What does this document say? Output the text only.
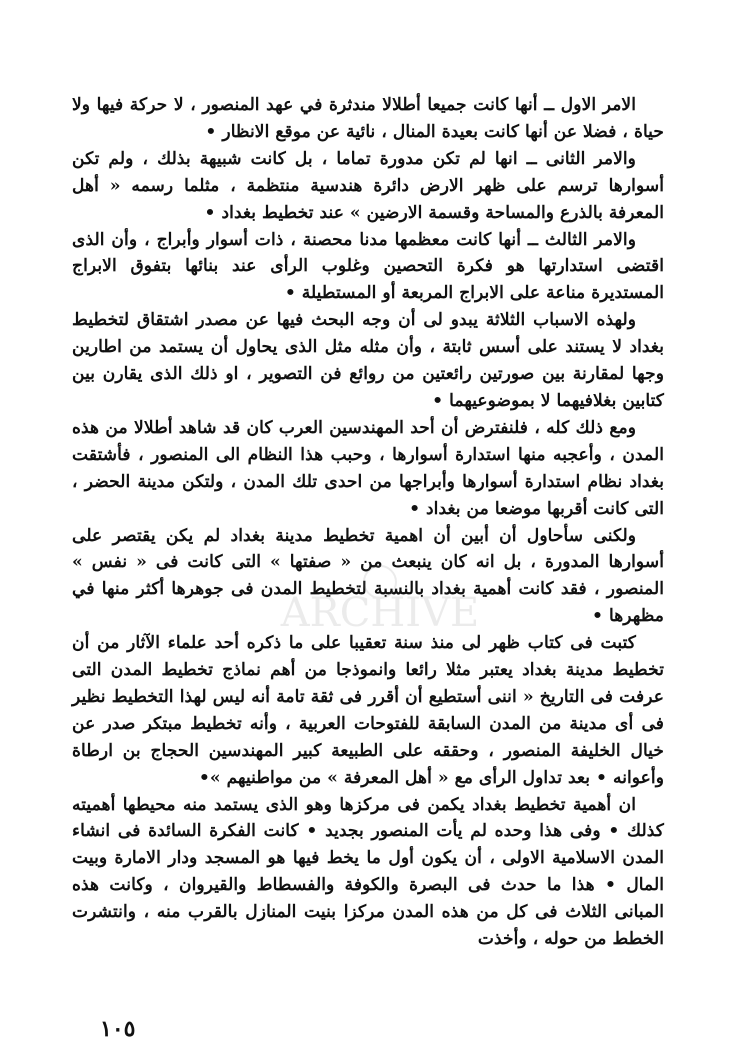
الامر الاول ــ أنها كانت جميعا أطلالا مندثرة في عهد المنصور ، لا حركة فيها ولا حياة ، فضلا عن أنها كانت بعيدة المنال ، نائية عن موقع الانظار •

والامر الثانى ــ انها لم تكن مدورة تماما ، بل كانت شبيهة بذلك ، ولم تكن أسوارها ترسم على ظهر الارض دائرة هندسية منتظمة ، مثلما رسمه « أهل المعرفة بالذرع والمساحة وقسمة الارضين » عند تخطيط بغداد •

والامر الثالث ــ أنها كانت معظمها مدنا محصنة ، ذات أسوار وأبراج ، وأن الذى اقتضى استدارتها هو فكرة التحصين وغلوب الرأى عند بنائها بتفوق الابراج المستديرة مناعة على الابراج المربعة أو المستطيلة •

ولهذه الاسباب الثلاثة يبدو لى أن وجه البحث فيها عن مصدر اشتقاق لتخطيط بغداد لا يستند على أسس ثابتة ، وأن مثله مثل الذى يحاول أن يستمد من اطارين وجها لمقارنة بين صورتين رائعتين من روائع فن التصوير ، او ذلك الذى يقارن بين كتابين بغلافيهما لا بموضوعيهما •

ومع ذلك كله ، فلنفترض أن أحد المهندسين العرب كان قد شاهد أطلالا من هذه المدن ، وأعجبه منها استدارة أسوارها ، وحبب هذا النظام الى المنصور ، فأشتقت بغداد نظام استدارة أسوارها وأبراجها من احدى تلك المدن ، ولتكن مدينة الحضر ، التى كانت أقربها موضعا من بغداد •

ولكنى سأحاول أن أبين أن اهمية تخطيط مدينة بغداد لم يكن يقتصر على أسوارها المدورة ، بل انه كان ينبعث من « صفتها » التى كانت فى « نفس » المنصور ، فقد كانت أهمية بغداد بالنسبة لتخطيط المدن فى جوهرها أكثر منها في مظهرها •

كتبت فى كتاب ظهر لى منذ سنة تعقيبا على ما ذكره أحد علماء الآثار من أن تخطيط مدينة بغداد يعتبر مثلا رائعا وانموذجا من أهم نماذج تخطيط المدن التى عرفت فى التاريخ « اننى أستطيع أن أقرر فى ثقة تامة أنه ليس لهذا التخطيط نظير فى أى مدينة من المدن السابقة للفتوحات العربية ، وأنه تخطيط مبتكر صدر عن خيال الخليفة المنصور ، وحققه على الطبيعة كبير المهندسين الحجاج بن ارطاة وأعوانه • بعد تداول الرأى مع « أهل المعرفة » من مواطنيهم »•

ان أهمية تخطيط بغداد يكمن فى مركزها وهو الذى يستمد منه محيطها أهميته كذلك • وفى هذا وحده لم يأت المنصور بجديد • كانت الفكرة السائدة فى انشاء المدن الاسلامية الاولى ، أن يكون أول ما يخط فيها هو المسجد ودار الامارة وبيت المال • هذا ما حدث فى البصرة والكوفة والفسطاط والقيروان ، وكانت هذه المبانى الثلاث فى كل من هذه المدن مركزا بنيت المنازل بالقرب منه ، وانتشرت الخطط من حوله ، وأخذت

ARCHIVE
١٠٥
